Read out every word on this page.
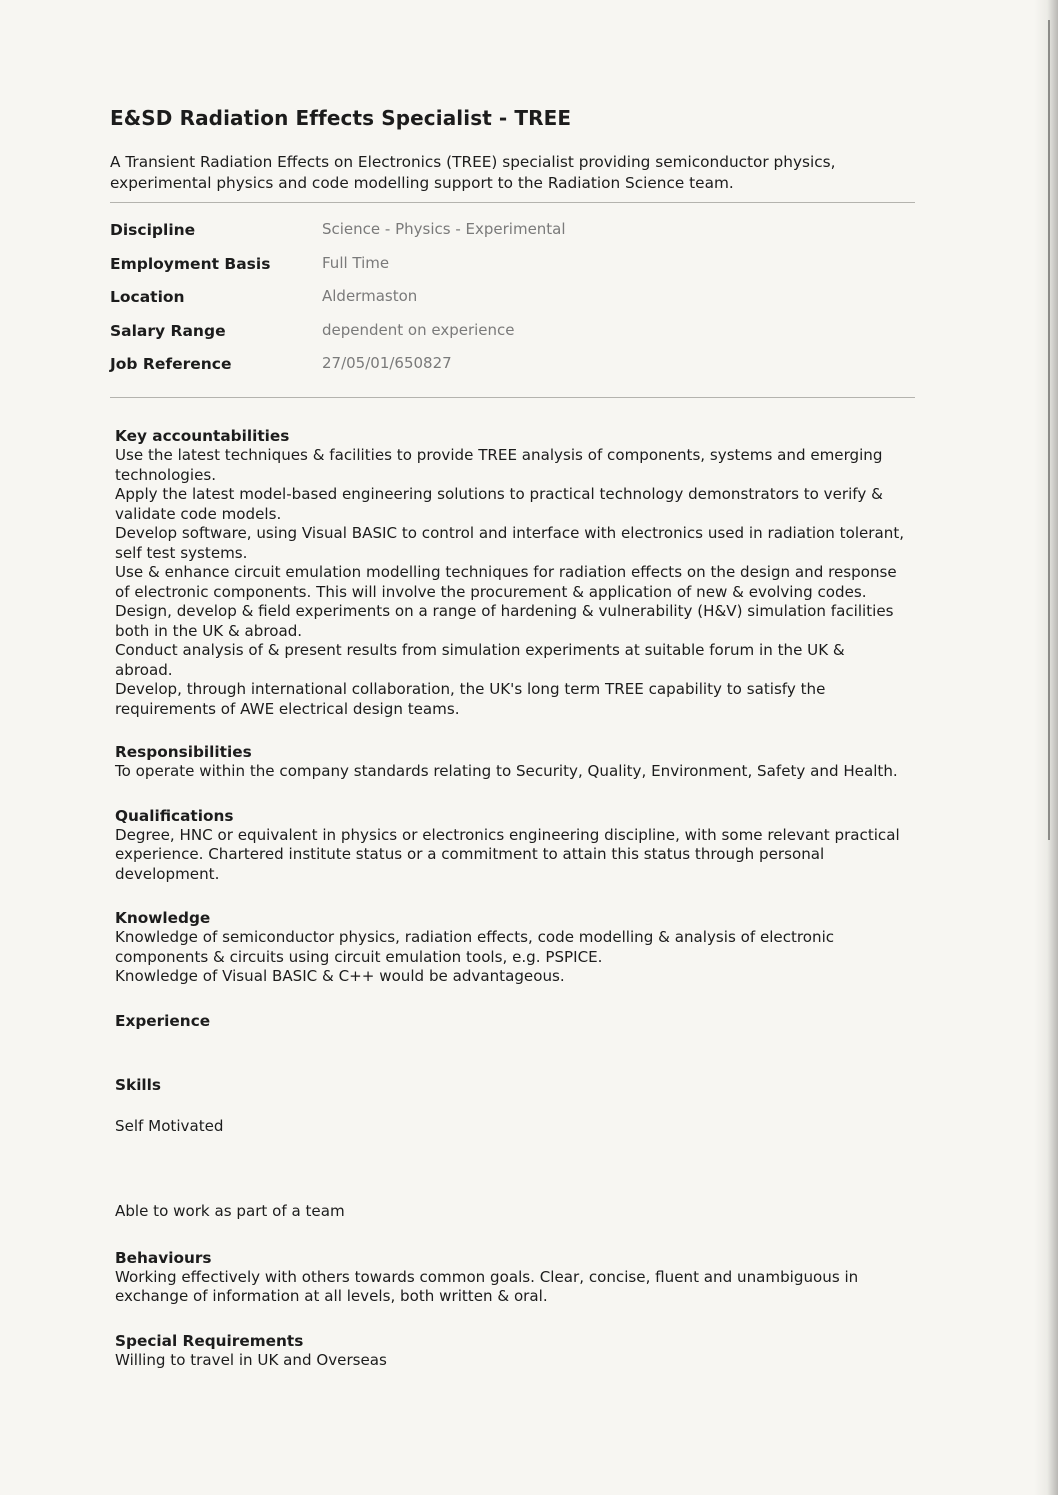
E&SD Radiation Effects Specialist - TREE

A Transient Radiation Effects on Electronics (TREE) specialist providing semiconductor physics, experimental physics and code modelling support to the Radiation Science team.

Discipline	Science - Physics - Experimental
Employment Basis	Full Time
Location	Aldermaston
Salary Range	dependent on experience
Job Reference	27/05/01/650827
Key accountabilities
Use the latest techniques & facilities to provide TREE analysis of components, systems and emerging technologies.
Apply the latest model-based engineering solutions to practical technology demonstrators to verify & validate code models.
Develop software, using Visual BASIC to control and interface with electronics used in radiation tolerant, self test systems.
Use & enhance circuit emulation modelling techniques for radiation effects on the design and response of electronic components. This will involve the procurement & application of new & evolving codes.
Design, develop & field experiments on a range of hardening & vulnerability (H&V) simulation facilities both in the UK & abroad.
Conduct analysis of & present results from simulation experiments at suitable forum in the UK & abroad.
Develop, through international collaboration, the UK's long term TREE capability to satisfy the requirements of AWE electrical design teams.
Responsibilities
To operate within the company standards relating to Security, Quality, Environment, Safety and Health.
Qualifications
Degree, HNC or equivalent in physics or electronics engineering discipline, with some relevant practical experience. Chartered institute status or a commitment to attain this status through personal development.
Knowledge
Knowledge of semiconductor physics, radiation effects, code modelling & analysis of electronic components & circuits using circuit emulation tools, e.g. PSPICE.
Knowledge of Visual BASIC & C++ would be advantageous.
Experience
Skills
Self Motivated
Able to work as part of a team
Behaviours
Working effectively with others towards common goals. Clear, concise, fluent and unambiguous in exchange of information at all levels, both written & oral.
Special Requirements
Willing to travel in UK and Overseas
